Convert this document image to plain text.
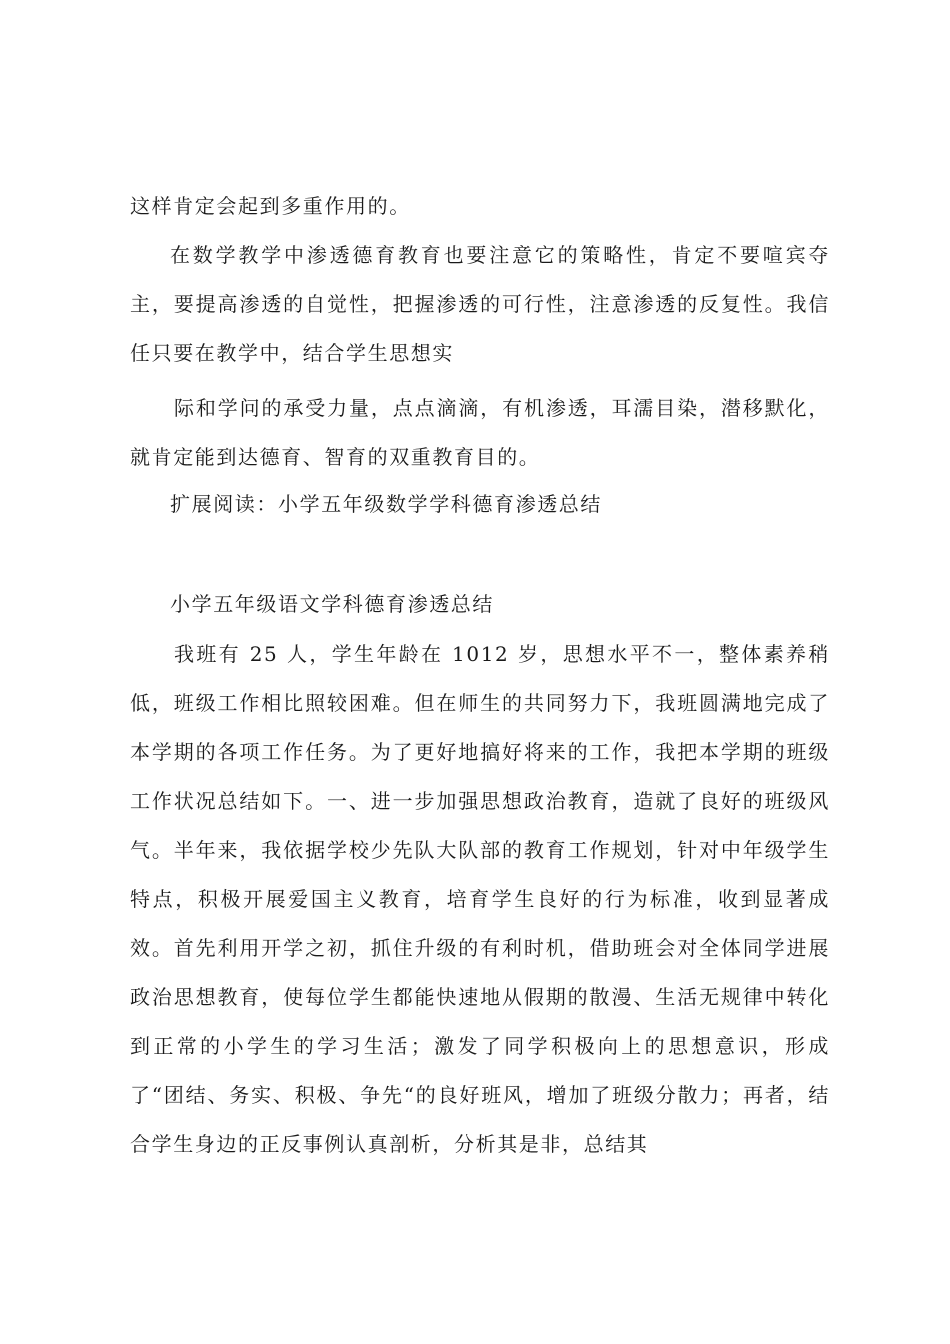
这样肯定会起到多重作用的。

在数学教学中渗透德育教育也要注意它的策略性，肯定不要喧宾夺主，要提高渗透的自觉性，把握渗透的可行性，注意渗透的反复性。我信任只要在教学中，结合学生思想实

际和学问的承受力量，点点滴滴，有机渗透，耳濡目染，潜移默化，就肯定能到达德育、智育的双重教育目的。

扩展阅读：小学五年级数学学科德育渗透总结

小学五年级语文学科德育渗透总结

我班有 25 人，学生年龄在 1012 岁，思想水平不一，整体素养稍低，班级工作相比照较困难。但在师生的共同努力下，我班圆满地完成了本学期的各项工作任务。为了更好地搞好将来的工作，我把本学期的班级工作状况总结如下。一、进一步加强思想政治教育，造就了良好的班级风气。半年来，我依据学校少先队大队部的教育工作规划，针对中年级学生特点，积极开展爱国主义教育，培育学生良好的行为标准，收到显著成效。首先利用开学之初，抓住升级的有利时机，借助班会对全体同学进展政治思想教育，使每位学生都能快速地从假期的散漫、生活无规律中转化到正常的小学生的学习生活；激发了同学积极向上的思想意识，形成了“团结、务实、积极、争先“的良好班风，增加了班级分散力；再者，结合学生身边的正反事例认真剖析，分析其是非，总结其
